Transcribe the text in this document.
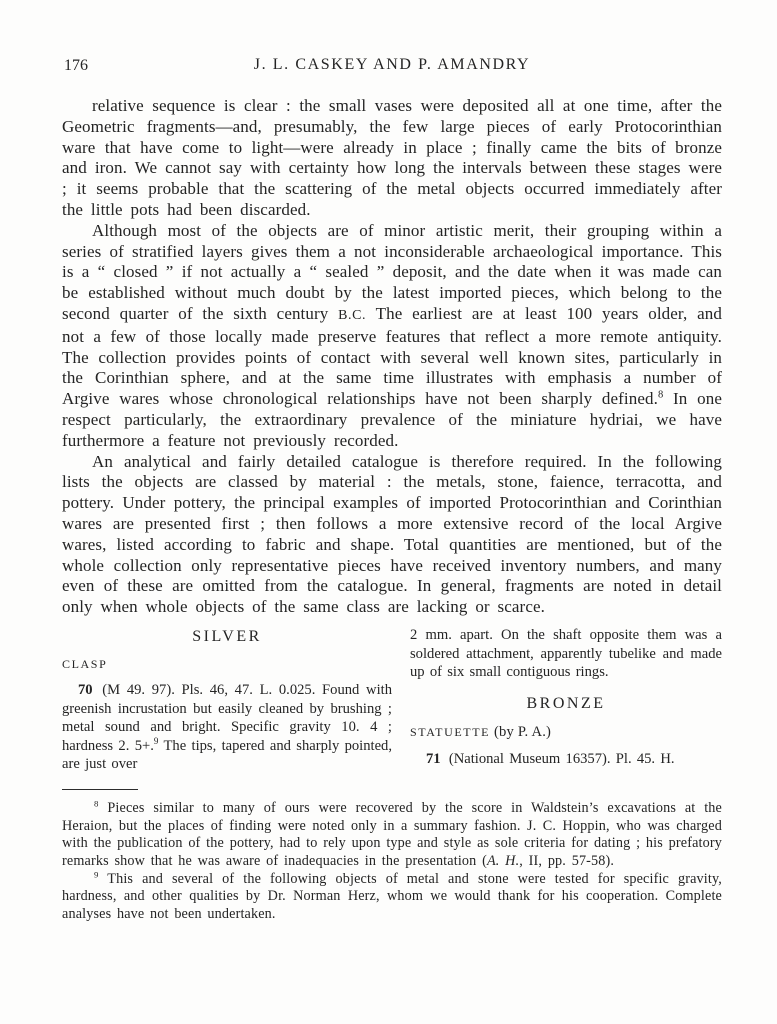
176	J. L. CASKEY AND P. AMANDRY

relative sequence is clear : the small vases were deposited all at one time, after the Geometric fragments—and, presumably, the few large pieces of early Protocorinthian ware that have come to light—were already in place ; finally came the bits of bronze and iron. We cannot say with certainty how long the intervals between these stages were ; it seems probable that the scattering of the metal objects occurred immediately after the little pots had been discarded.

Although most of the objects are of minor artistic merit, their grouping within a series of stratified layers gives them a not inconsiderable archaeological importance. This is a “ closed ” if not actually a “ sealed ” deposit, and the date when it was made can be established without much doubt by the latest imported pieces, which belong to the second quarter of the sixth century B.C. The earliest are at least 100 years older, and not a few of those locally made preserve features that reflect a more remote antiquity. The collection provides points of contact with several well known sites, particularly in the Corinthian sphere, and at the same time illustrates with emphasis a number of Argive wares whose chronological relationships have not been sharply defined.$^8$ In one respect particularly, the extraordinary prevalence of the miniature hydriai, we have furthermore a feature not previously recorded.

An analytical and fairly detailed catalogue is therefore required. In the following lists the objects are classed by material : the metals, stone, faience, terracotta, and pottery. Under pottery, the principal examples of imported Protocorinthian and Corinthian wares are presented first ; then follows a more extensive record of the local Argive wares, listed according to fabric and shape. Total quantities are mentioned, but of the whole collection only representative pieces have received inventory numbers, and many even of these are omitted from the catalogue. In general, fragments are noted in detail only when whole objects of the same class are lacking or scarce.

SILVER
CLASP

70 (M 49. 97). Pls. 46, 47. L. 0.025. Found with greenish incrustation but easily cleaned by brushing ; metal sound and bright. Specific gravity 10. 4 ; hardness 2. 5+.$^9$ The tips, tapered and sharply pointed, are just over

2 mm. apart. On the shaft opposite them was a soldered attachment, apparently tubelike and made up of six small contiguous rings.

BRONZE
STATUETTE (by P. A.)

71 (National Museum 16357). Pl. 45. H.

$^8$ Pieces similar to many of ours were recovered by the score in Waldstein’s excavations at the Heraion, but the places of finding were noted only in a summary fashion. J. C. Hoppin, who was charged with the publication of the pottery, had to rely upon type and style as sole criteria for dating ; his prefatory remarks show that he was aware of inadequacies in the presentation (A. H., II, pp. 57-58).

$^9$ This and several of the following objects of metal and stone were tested for specific gravity, hardness, and other qualities by Dr. Norman Herz, whom we would thank for his cooperation. Complete analyses have not been undertaken.
